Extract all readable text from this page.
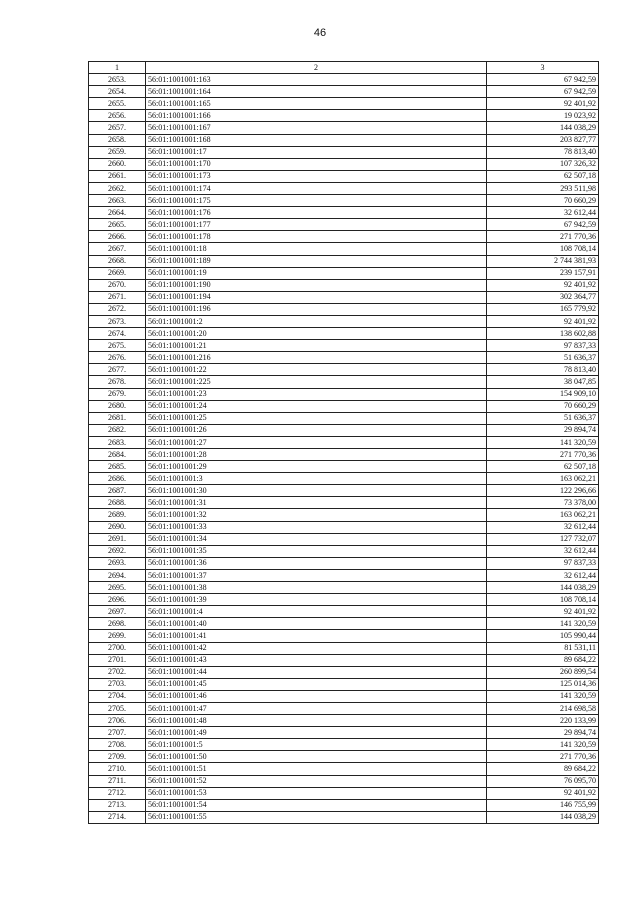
46
1	2	3
2653.	56:01:1001001:163	67 942,59
2654.	56:01:1001001:164	67 942,59
2655.	56:01:1001001:165	92 401,92
2656.	56:01:1001001:166	19 023,92
2657.	56:01:1001001:167	144 038,29
2658.	56:01:1001001:168	203 827,77
2659.	56:01:1001001:17	78 813,40
2660.	56:01:1001001:170	107 326,32
2661.	56:01:1001001:173	62 507,18
2662.	56:01:1001001:174	293 511,98
2663.	56:01:1001001:175	70 660,29
2664.	56:01:1001001:176	32 612,44
2665.	56:01:1001001:177	67 942,59
2666.	56:01:1001001:178	271 770,36
2667.	56:01:1001001:18	108 708,14
2668.	56:01:1001001:189	2 744 381,93
2669.	56:01:1001001:19	239 157,91
2670.	56:01:1001001:190	92 401,92
2671.	56:01:1001001:194	302 364,77
2672.	56:01:1001001:196	165 779,92
2673.	56:01:1001001:2	92 401,92
2674.	56:01:1001001:20	138 602,88
2675.	56:01:1001001:21	97 837,33
2676.	56:01:1001001:216	51 636,37
2677.	56:01:1001001:22	78 813,40
2678.	56:01:1001001:225	38 047,85
2679.	56:01:1001001:23	154 909,10
2680.	56:01:1001001:24	70 660,29
2681.	56:01:1001001:25	51 636,37
2682.	56:01:1001001:26	29 894,74
2683.	56:01:1001001:27	141 320,59
2684.	56:01:1001001:28	271 770,36
2685.	56:01:1001001:29	62 507,18
2686.	56:01:1001001:3	163 062,21
2687.	56:01:1001001:30	122 296,66
2688.	56:01:1001001:31	73 378,00
2689.	56:01:1001001:32	163 062,21
2690.	56:01:1001001:33	32 612,44
2691.	56:01:1001001:34	127 732,07
2692.	56:01:1001001:35	32 612,44
2693.	56:01:1001001:36	97 837,33
2694.	56:01:1001001:37	32 612,44
2695.	56:01:1001001:38	144 038,29
2696.	56:01:1001001:39	108 708,14
2697.	56:01:1001001:4	92 401,92
2698.	56:01:1001001:40	141 320,59
2699.	56:01:1001001:41	105 990,44
2700.	56:01:1001001:42	81 531,11
2701.	56:01:1001001:43	89 684,22
2702.	56:01:1001001:44	260 899,54
2703.	56:01:1001001:45	125 014,36
2704.	56:01:1001001:46	141 320,59
2705.	56:01:1001001:47	214 698,58
2706.	56:01:1001001:48	220 133,99
2707.	56:01:1001001:49	29 894,74
2708.	56:01:1001001:5	141 320,59
2709.	56:01:1001001:50	271 770,36
2710.	56:01:1001001:51	89 684,22
2711.	56:01:1001001:52	76 095,70
2712.	56:01:1001001:53	92 401,92
2713.	56:01:1001001:54	146 755,99
2714.	56:01:1001001:55	144 038,29
